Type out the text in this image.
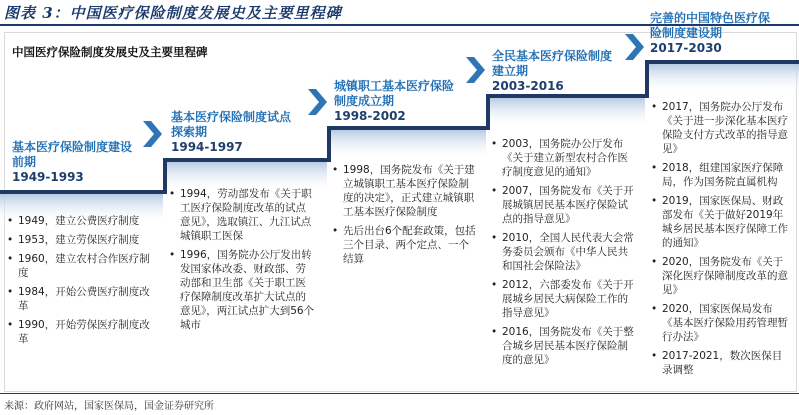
图表 3：中国医疗保险制度发展史及主要里程碑
中国医疗保险制度发展史及主要里程碑
基本医疗保险制度建设
前期
1949-1993
基本医疗保险制度试点
探索期
1994-1997
城镇职工基本医疗保险
制度成立期
1998-2002
全民基本医疗保险制度
建立期
2003-2016
完善的中国特色医疗保
险制度建设期
2017-2030
• 1949，建立公费医疗制度
• 1953，建立劳保医疗制度
• 1960，建立农村合作医疗制度
• 1984，开始公费医疗制度改革
• 1990，开始劳保医疗制度改革
• 1994，劳动部发布《关于职工医疗保险制度改革的试点意见》，选取镇江、九江试点城镇职工医保
• 1996，国务院办公厅发出转发国家体改委、财政部、劳动部和卫生部《关于职工医疗保障制度改革扩大试点的意见》，两江试点扩大到56个城市
• 1998，国务院发布《关于建立城镇职工基本医疗保险制度的决定》，正式建立城镇职工基本医疗保险制度
• 先后出台6个配套政策，包括三个目录、两个定点、一个结算
• 2003，国务院办公厅发布《关于建立新型农村合作医疗制度意见的通知》
• 2007，国务院发布《关于开展城镇居民基本医疗保险试点的指导意见》
• 2010，全国人民代表大会常务委员会颁布《中华人民共和国社会保险法》
• 2012，六部委发布《关于开展城乡居民大病保险工作的指导意见》
• 2016，国务院发布《关于整合城乡居民基本医疗保险制度的意见》
• 2017，国务院办公厅发布《关于进一步深化基本医疗保险支付方式改革的指导意见》
• 2018，组建国家医疗保障局，作为国务院直属机构
• 2019，国家医保局、财政部发布《关于做好2019年城乡居民基本医疗保障工作的通知》
• 2020，国务院发布《关于深化医疗保障制度改革的意见》
• 2020，国家医保局发布《基本医疗保险用药管理暂行办法》
• 2017-2021，数次医保目录调整
来源：政府网站，国家医保局，国金证券研究所
